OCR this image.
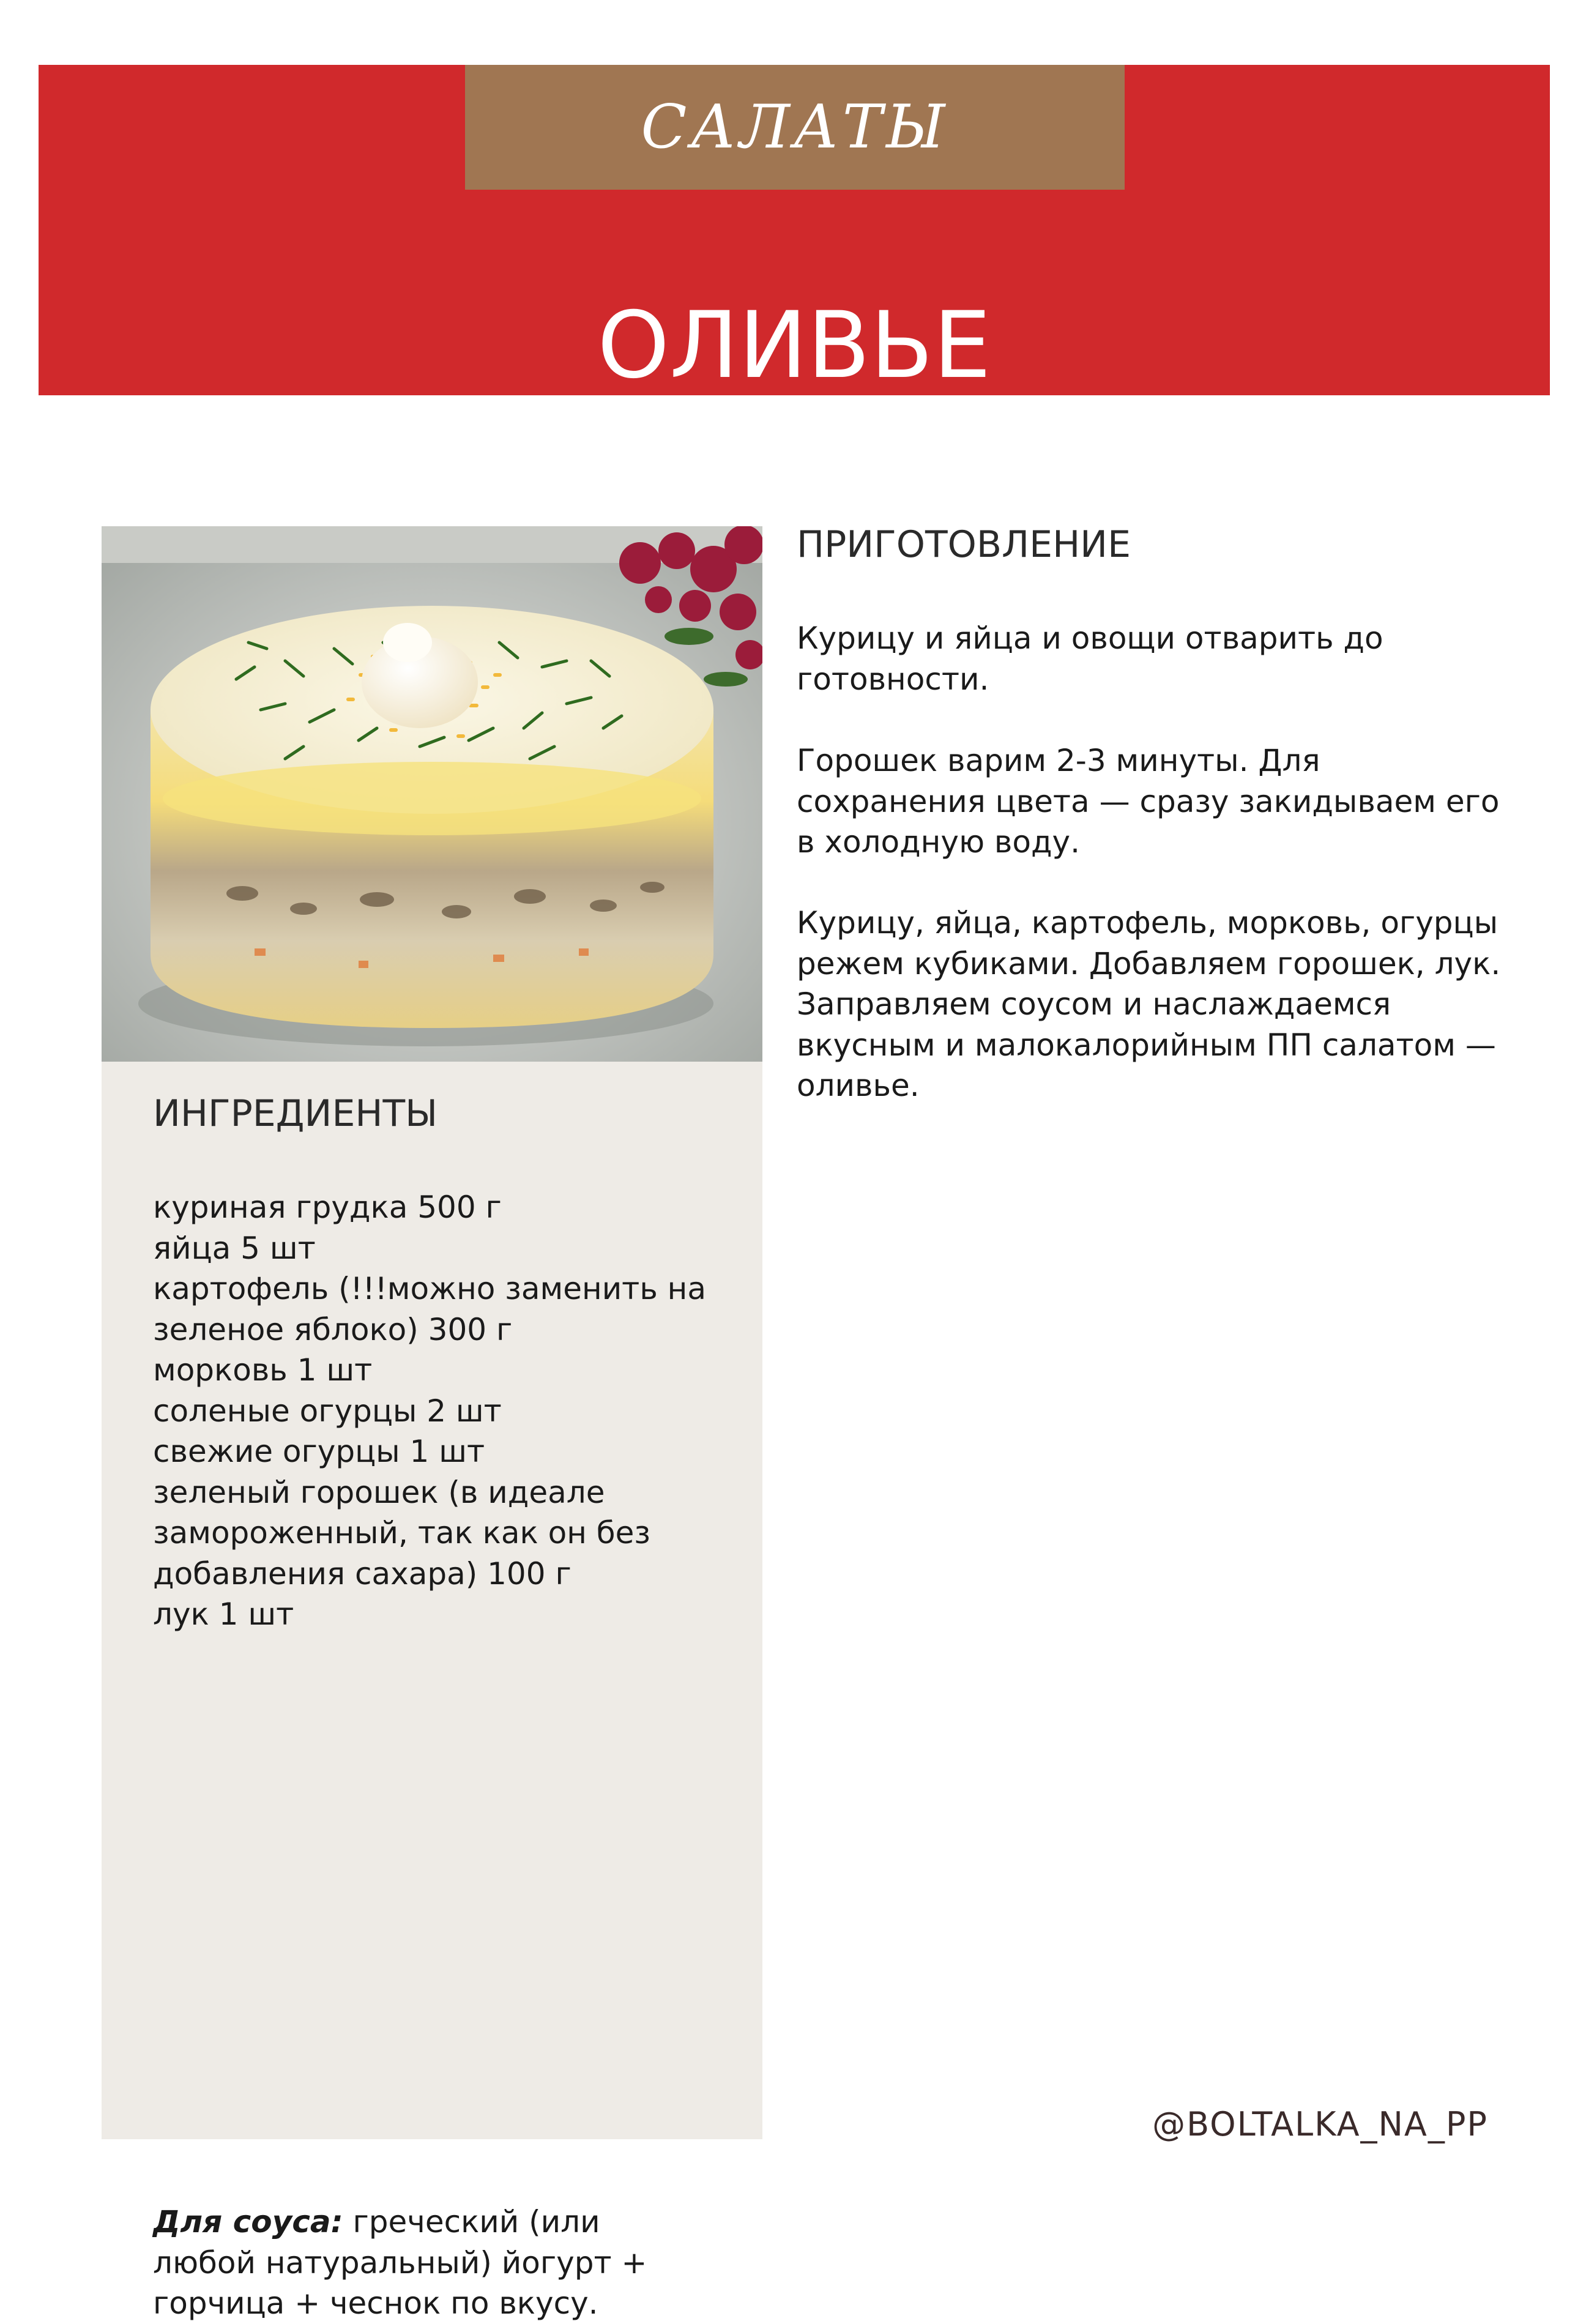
САЛАТЫ
ОЛИВЬЕ
ИНГРЕДИЕНТЫ
куриная грудка 500 г
яйца 5 шт
картофель (!!!можно заменить на
зеленое яблоко) 300 г
морковь 1 шт
соленые огурцы 2 шт
свежие огурцы 1 шт
зеленый горошек (в идеале
замороженный, так как он без
добавления сахара) 100 г
лук 1 шт

Для соуса: греческий (или любой натуральный) йогурт + горчица + чеснок по вкусу.

ПРИГОТОВЛЕНИЕ

Курицу и яйца и овощи отварить до готовности.

Горошек варим 2-3 минуты. Для сохранения цвета — сразу закидываем его в холодную воду.

Курицу, яйца, картофель, морковь, огурцы режем кубиками. Добавляем горошек, лук. Заправляем соусом и наслаждаемся вкусным и малокалорийным ПП салатом — оливье.

@BOLTALKA_NA_PP
